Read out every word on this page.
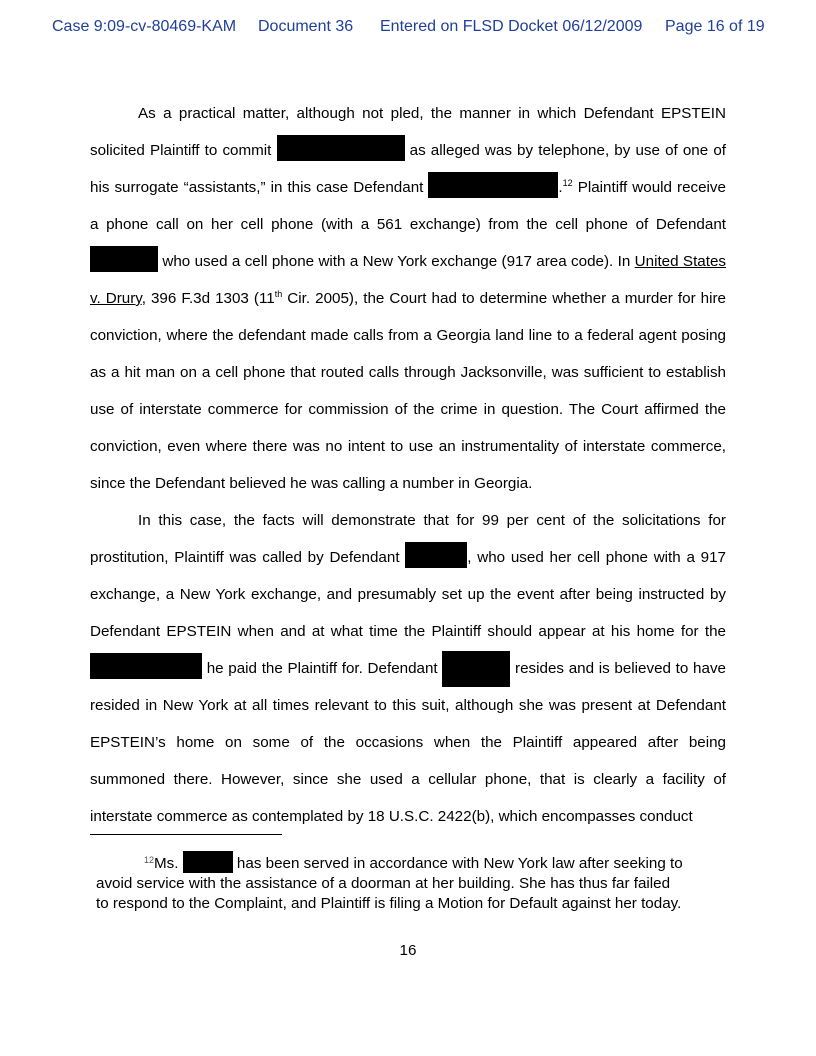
Case 9:09-cv-80469-KAM Document 36 Entered on FLSD Docket 06/12/2009 Page 16 of 19

As a practical matter, although not pled, the manner in which Defendant EPSTEIN solicited Plaintiff to commit	as alleged was by telephone, by use of one of his surrogate “assistants,” in this case Defendant	.$^{12}$ Plaintiff would receive a phone call on her cell phone (with a 561 exchange) from the cell phone of Defendant  who used a cell phone with a New York exchange (917 area code). In United States v. Drury, 396 F.3d 1303 (11th Cir. 2005), the Court had to determine whether a murder for hire conviction, where the defendant made calls from a Georgia land line to a federal agent posing as a hit man on a cell phone that routed calls through Jacksonville, was sufficient to establish use of interstate commerce for commission of the crime in question. The Court affirmed the conviction, even where there was no intent to use an instrumentality of interstate commerce, since the Defendant believed he was calling a number in Georgia.

In this case, the facts will demonstrate that for 99 per cent of the solicitations for prostitution, Plaintiff was called by Defendant	, who used her cell phone with a 917 exchange, a New York exchange, and presumably set up the event after being instructed by Defendant EPSTEIN when and at what time the Plaintiff should appear at his home for the  he paid the Plaintiff for. Defendant	resides and is believed to have resided in New York at all times relevant to this suit, although she was present at Defendant EPSTEIN’s home on some of the occasions when the Plaintiff appeared after being summoned there. However, since she used a cellular phone, that is clearly a facility of interstate commerce as contemplated by 18 U.S.C. 2422(b), which encompasses conduct

$^{12}$Ms.	has been served in accordance with New York law after seeking to

avoid service with the assistance of a doorman at her building. She has thus far failed

to respond to the Complaint, and Plaintiff is filing a Motion for Default against her today.

16
